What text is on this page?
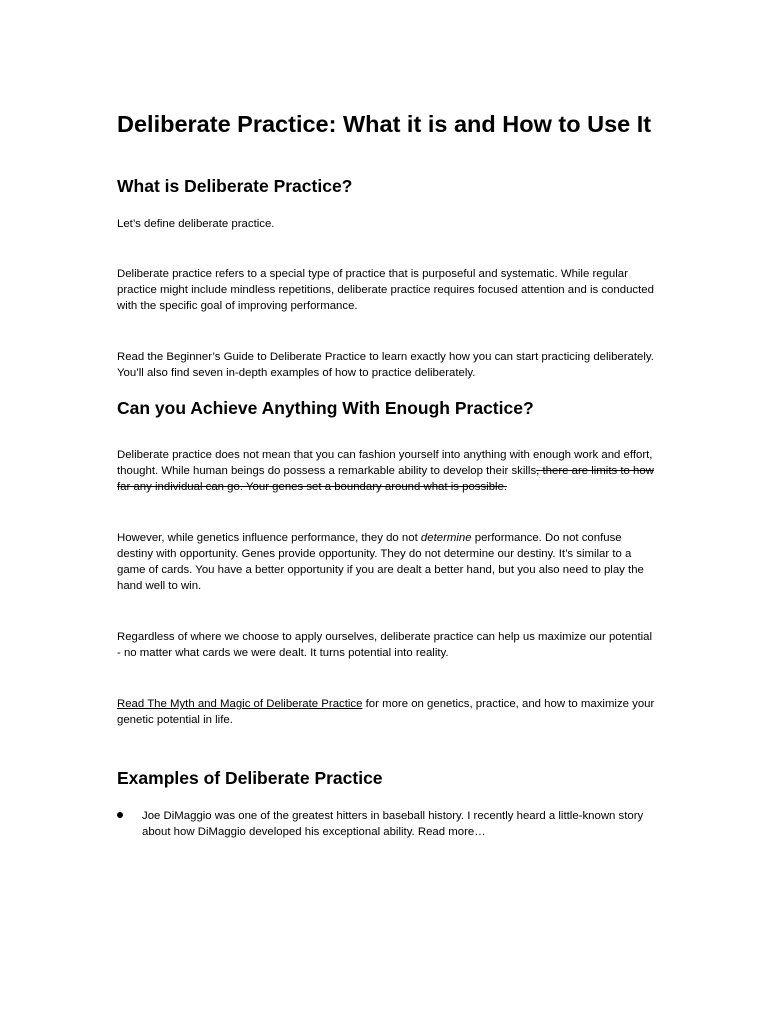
Deliberate Practice: What it is and How to Use It
What is Deliberate Practice?

Let’s define deliberate practice.

Deliberate practice refers to a special type of practice that is purposeful and systematic. While regular practice might include mindless repetitions, deliberate practice requires focused attention and is conducted with the specific goal of improving performance.

Read the Beginner’s Guide to Deliberate Practice to learn exactly how you can start practicing deliberately. You’ll also find seven in-depth examples of how to practice deliberately.

Can you Achieve Anything With Enough Practice?

Deliberate practice does not mean that you can fashion yourself into anything with enough work and effort, thought. While human beings do possess a remarkable ability to develop their skills, there are limits to how far any individual can go. Your genes set a boundary around what is possible.

However, while genetics influence performance, they do not determine performance. Do not confuse destiny with opportunity. Genes provide opportunity. They do not determine our destiny. It’s similar to a game of cards. You have a better opportunity if you are dealt a better hand, but you also need to play the hand well to win.

Regardless of where we choose to apply ourselves, deliberate practice can help us maximize our potential - no matter what cards we were dealt. It turns potential into reality.

Read The Myth and Magic of Deliberate Practice for more on genetics, practice, and how to maximize your genetic potential in life.

Examples of Deliberate Practice

Joe DiMaggio was one of the greatest hitters in baseball history. I recently heard a little-known story about how DiMaggio developed his exceptional ability. Read more…
